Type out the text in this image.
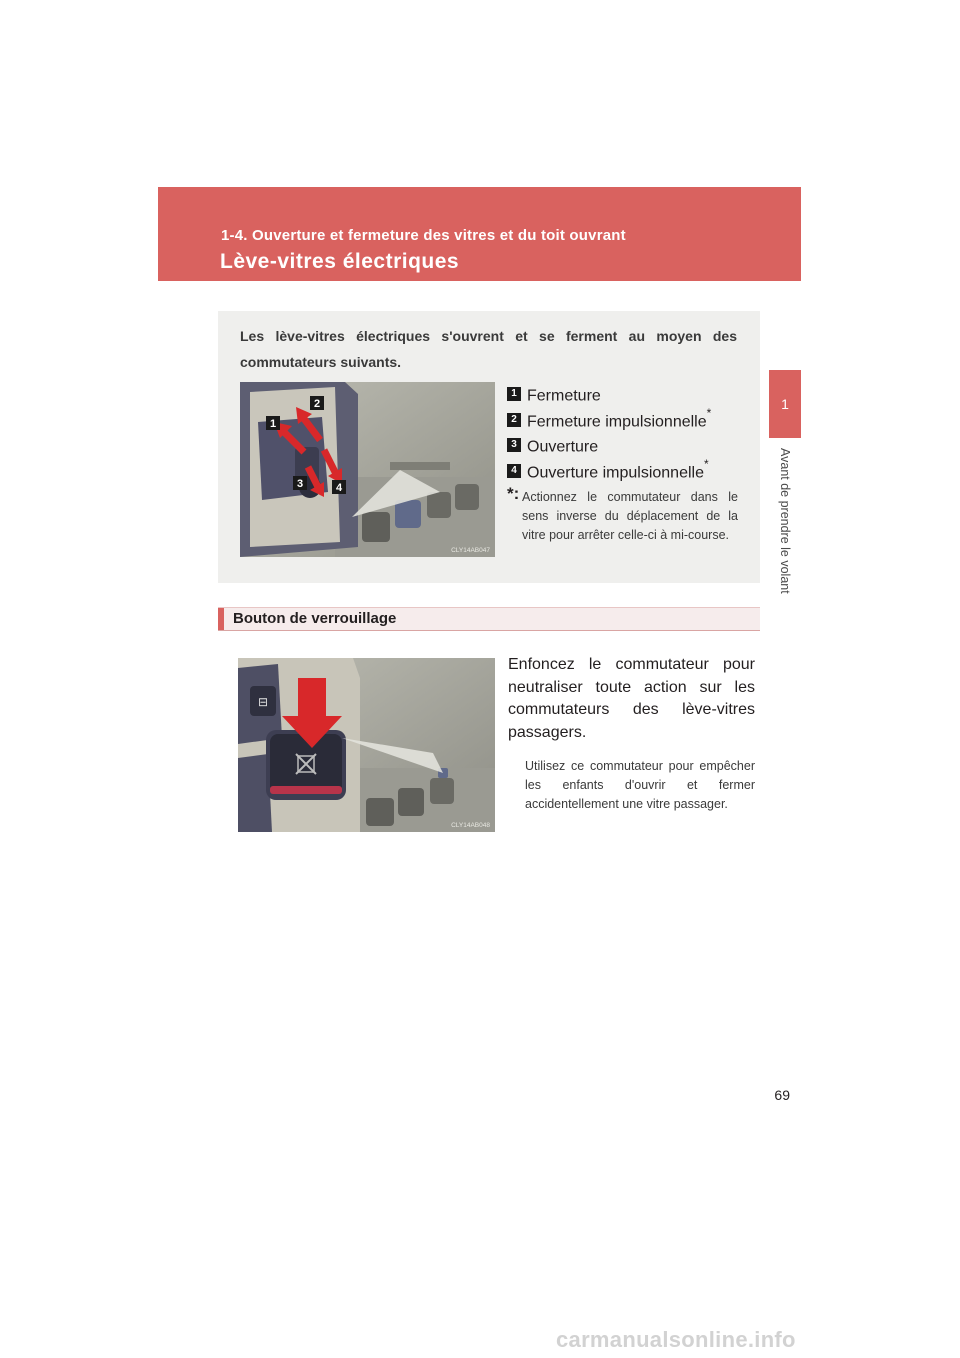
1-4. Ouverture et fermeture des vitres et du toit ouvrant
Lève-vitres électriques
1
Avant de prendre le volant
Les lève-vitres électriques s'ouvrent et se ferment au moyen des commutateurs suivants.
1
2
3	4
CLY14AB047
1 Fermeture
2 Fermeture impulsionnelle*
3 Ouverture
4 Ouverture impulsionnelle*
*: Actionnez le commutateur dans le sens inverse du déplacement de la vitre pour arrêter celle-ci à mi-course.
Bouton de verrouillage
⊟
CLY14AB048
Enfoncez le commutateur pour neutraliser toute action sur les commutateurs des lève-vitres passagers.
Utilisez ce commutateur pour empêcher les enfants d'ouvrir et fermer accidentellement une vitre passager.
69
carmanualsonline.info
